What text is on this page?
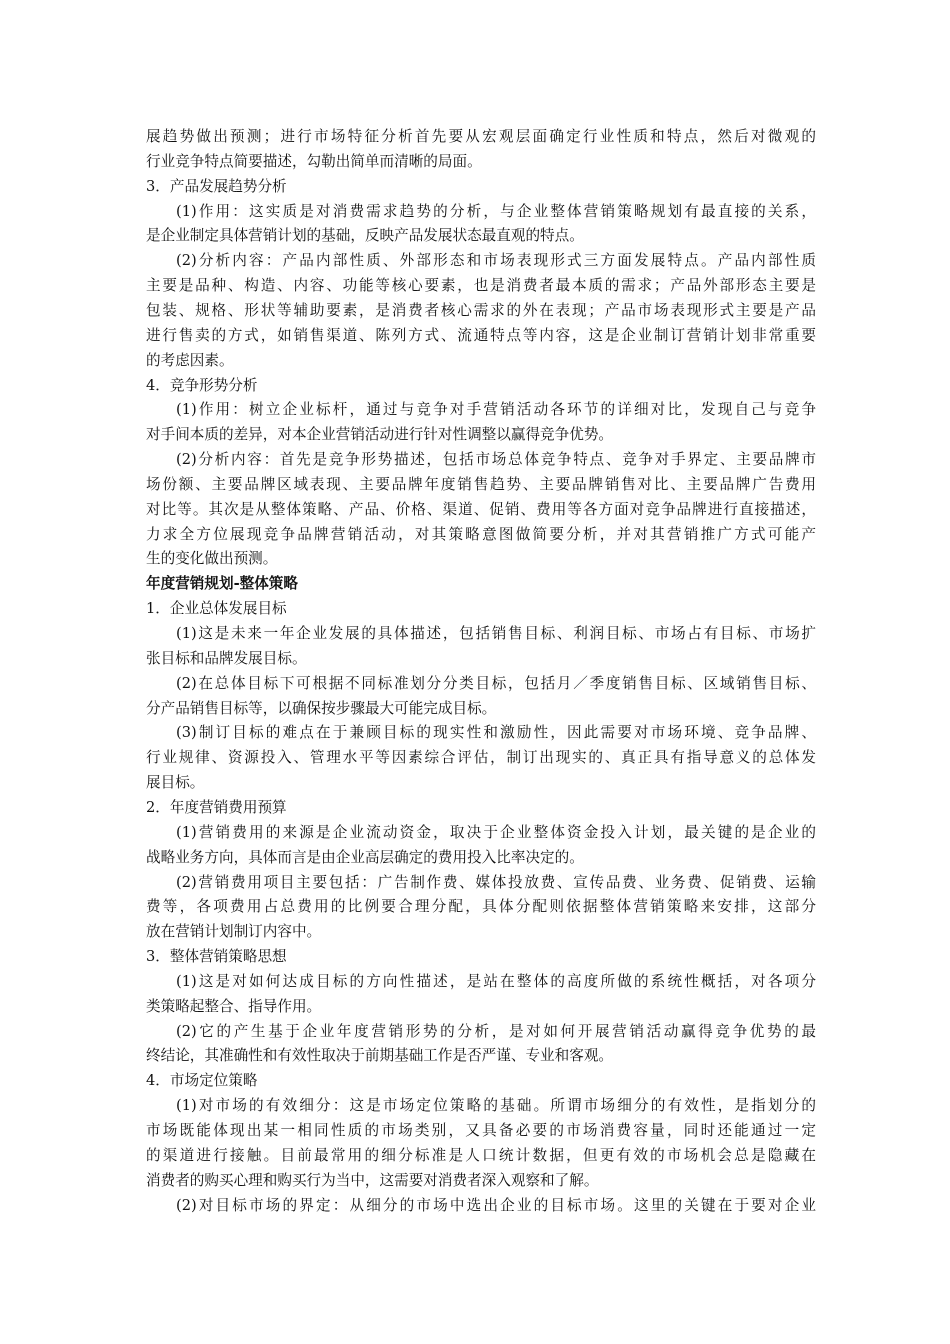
展趋势做出预测；进行市场特征分析首先要从宏观层面确定行业性质和特点，然后对微观的
行业竞争特点简要描述，勾勒出简单而清晰的局面。
3．产品发展趋势分析
(1)作用：这实质是对消费需求趋势的分析，与企业整体营销策略规划有最直接的关系，
是企业制定具体营销计划的基础，反映产品发展状态最直观的特点。
(2)分析内容：产品内部性质、外部形态和市场表现形式三方面发展特点。产品内部性质
主要是品种、构造、内容、功能等核心要素，也是消费者最本质的需求；产品外部形态主要是
包装、规格、形状等辅助要素，是消费者核心需求的外在表现；产品市场表现形式主要是产品
进行售卖的方式，如销售渠道、陈列方式、流通特点等内容，这是企业制订营销计划非常重要
的考虑因素。
4．竞争形势分析
(1)作用：树立企业标杆，通过与竞争对手营销活动各环节的详细对比，发现自己与竞争
对手间本质的差异，对本企业营销活动进行针对性调整以赢得竞争优势。
(2)分析内容：首先是竞争形势描述，包括市场总体竞争特点、竞争对手界定、主要品牌市
场份额、主要品牌区域表现、主要品牌年度销售趋势、主要品牌销售对比、主要品牌广告费用
对比等。其次是从整体策略、产品、价格、渠道、促销、费用等各方面对竞争品牌进行直接描述，
力求全方位展现竞争品牌营销活动，对其策略意图做简要分析，并对其营销推广方式可能产
生的变化做出预测。
年度营销规划-整体策略
1．企业总体发展目标
(1)这是未来一年企业发展的具体描述，包括销售目标、利润目标、市场占有目标、市场扩
张目标和品牌发展目标。
(2)在总体目标下可根据不同标准划分分类目标，包括月／季度销售目标、区域销售目标、
分产品销售目标等，以确保按步骤最大可能完成目标。
(3)制订目标的难点在于兼顾目标的现实性和激励性，因此需要对市场环境、竞争品牌、
行业规律、资源投入、管理水平等因素综合评估，制订出现实的、真正具有指导意义的总体发
展目标。
2．年度营销费用预算
(1)营销费用的来源是企业流动资金，取决于企业整体资金投入计划，最关键的是企业的
战略业务方向，具体而言是由企业高层确定的费用投入比率决定的。
(2)营销费用项目主要包括：广告制作费、媒体投放费、宣传品费、业务费、促销费、运输
费等，各项费用占总费用的比例要合理分配，具体分配则依据整体营销策略来安排，这部分
放在营销计划制订内容中。
3．整体营销策略思想
(1)这是对如何达成目标的方向性描述，是站在整体的高度所做的系统性概括，对各项分
类策略起整合、指导作用。
(2)它的产生基于企业年度营销形势的分析，是对如何开展营销活动赢得竞争优势的最
终结论，其准确性和有效性取决于前期基础工作是否严谨、专业和客观。
4．市场定位策略
(1)对市场的有效细分：这是市场定位策略的基础。所谓市场细分的有效性，是指划分的
市场既能体现出某一相同性质的市场类别，又具备必要的市场消费容量，同时还能通过一定
的渠道进行接触。目前最常用的细分标准是人口统计数据，但更有效的市场机会总是隐藏在
消费者的购买心理和购买行为当中，这需要对消费者深入观察和了解。
(2)对目标市场的界定：从细分的市场中选出企业的目标市场。这里的关键在于要对企业
